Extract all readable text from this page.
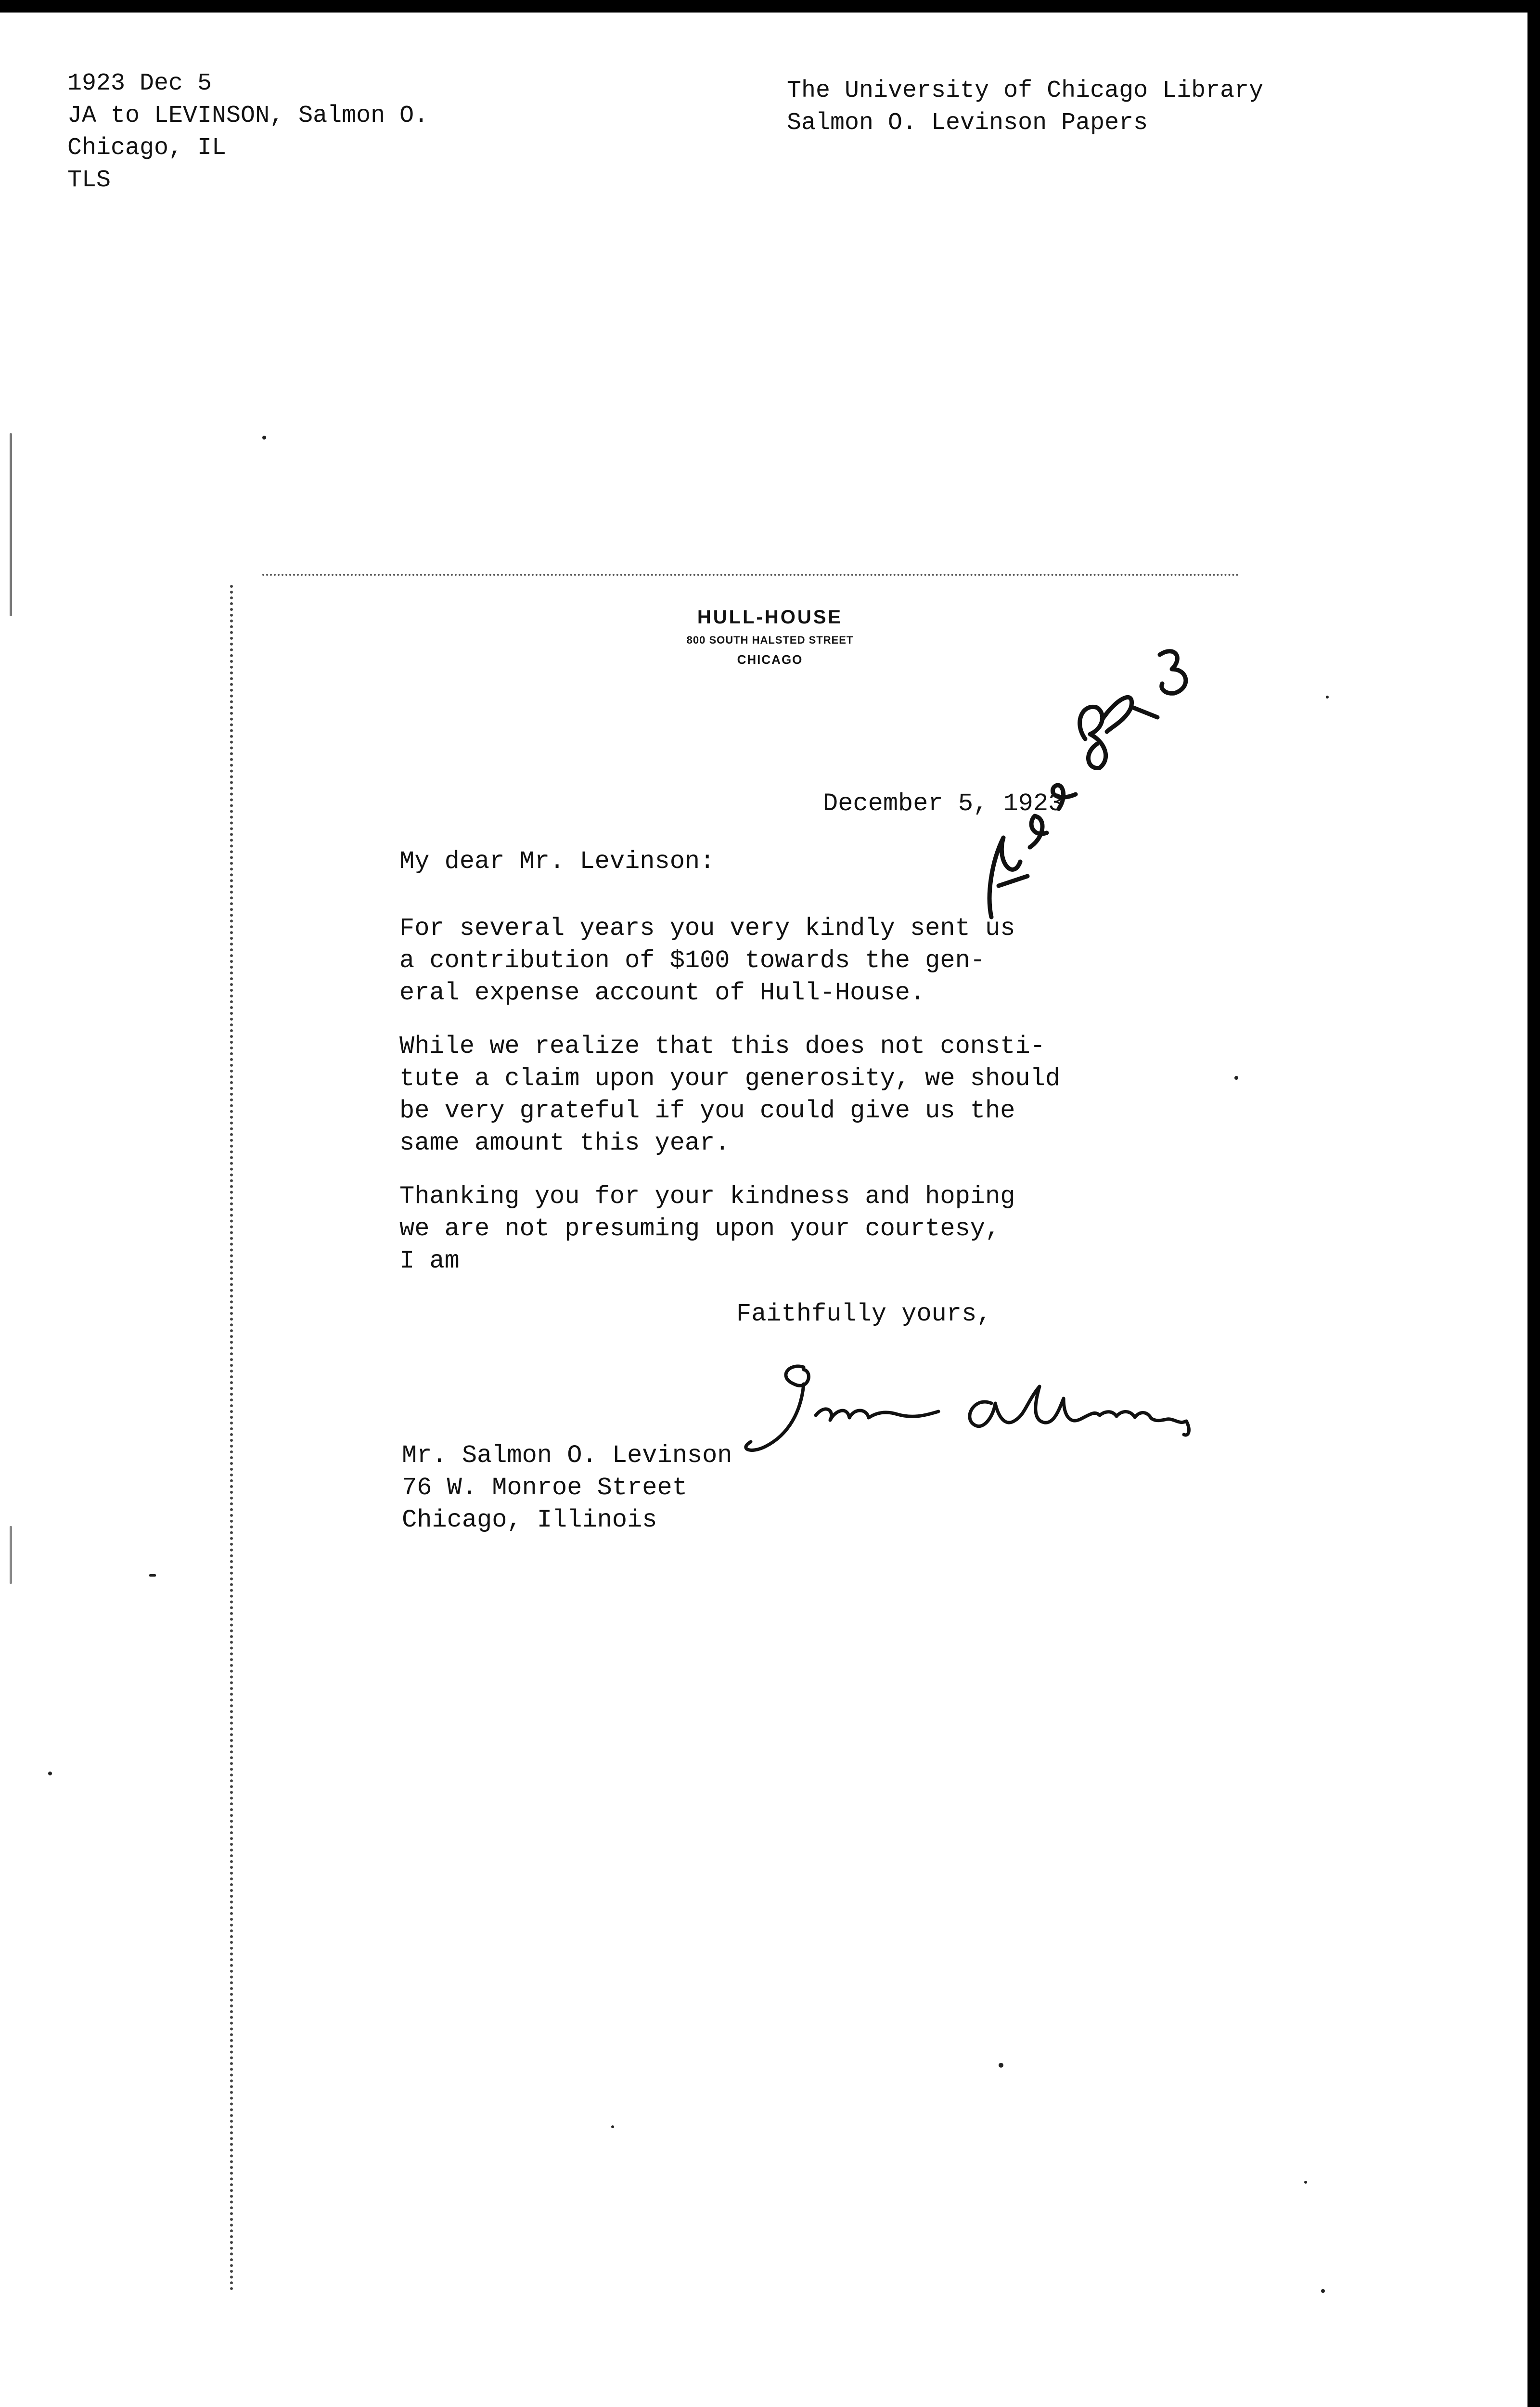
1923 Dec 5
JA to LEVINSON, Salmon O.
Chicago, IL
TLS
The University of Chicago Library
Salmon O. Levinson Papers
HULL-HOUSE
800 SOUTH HALSTED STREET
CHICAGO
December 5, 1923
My dear Mr. Levinson:
For several years you very kindly sent us
a contribution of $100 towards the gen-
eral expense account of Hull-House.
While we realize that this does not consti-
tute a claim upon your generosity, we should
be very grateful if you could give us the
same amount this year.
Thanking you for your kindness and hoping
we are not presuming upon your courtesy,
I am
Faithfully yours,
Mr. Salmon O. Levinson
76 W. Monroe Street
Chicago, Illinois
